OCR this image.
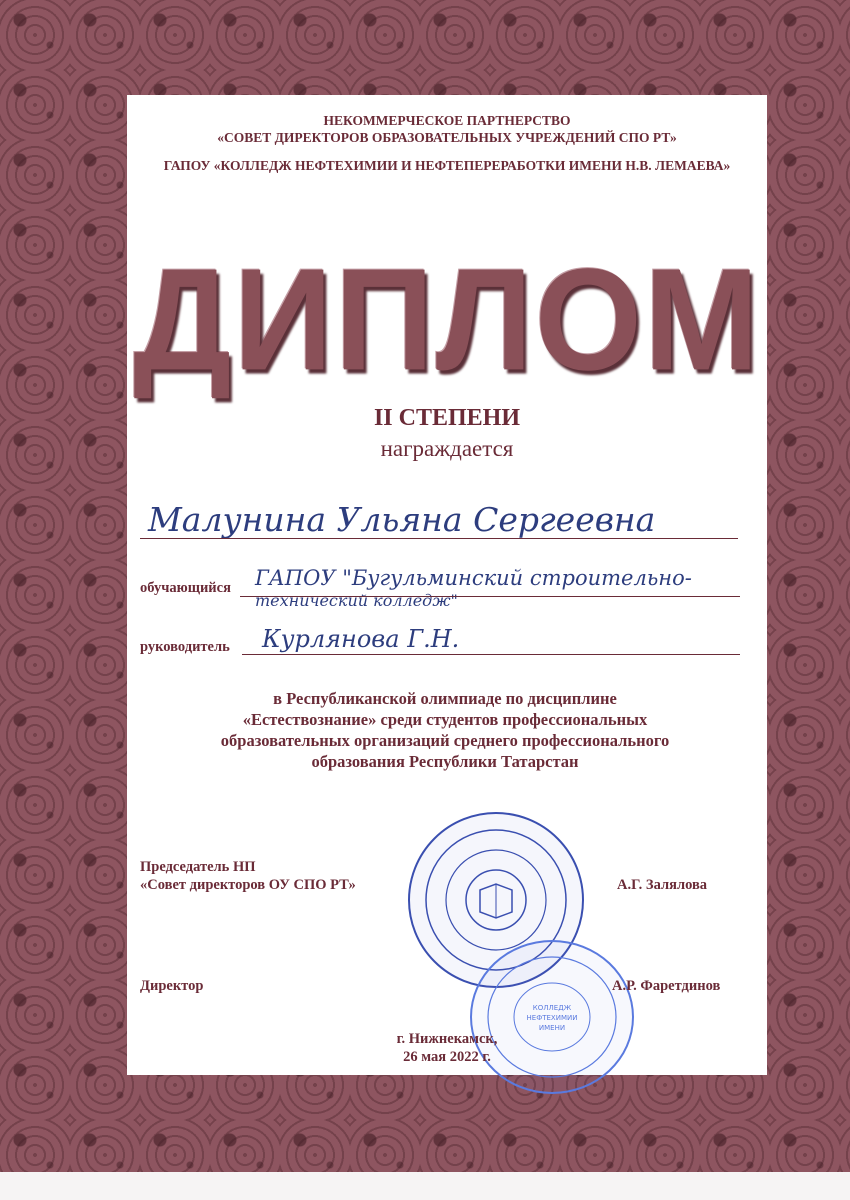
НЕКОММЕРЧЕСКОЕ ПАРТНЕРСТВО
«СОВЕТ ДИРЕКТОРОВ ОБРАЗОВАТЕЛЬНЫХ УЧРЕЖДЕНИЙ СПО РТ»
ГАПОУ «КОЛЛЕДЖ НЕФТЕХИМИИ И НЕФТЕПЕРЕРАБОТКИ ИМЕНИ Н.В. ЛЕМАЕВА»
ДИПЛОМ
II СТЕПЕНИ
награждается
Малунина Ульяна Сергеевна
обучающийся ГАПОУ "Бугульминский строительно-
технический колледж"
руководитель Курлянова Г.Н.
в Республиканской олимпиаде по дисциплине
«Естествознание» среди студентов профессиональных
образовательных организаций среднего профессионального
образования Республики Татарстан
КОЛЛЕДЖ
НЕФТЕХИМИИ
ИМЕНИ
Председатель НП
«Совет директоров ОУ СПО РТ»	А.Г. Залялова
Директор	А.Р. Фаретдинов
г. Нижнекамск,
26 мая 2022 г.
